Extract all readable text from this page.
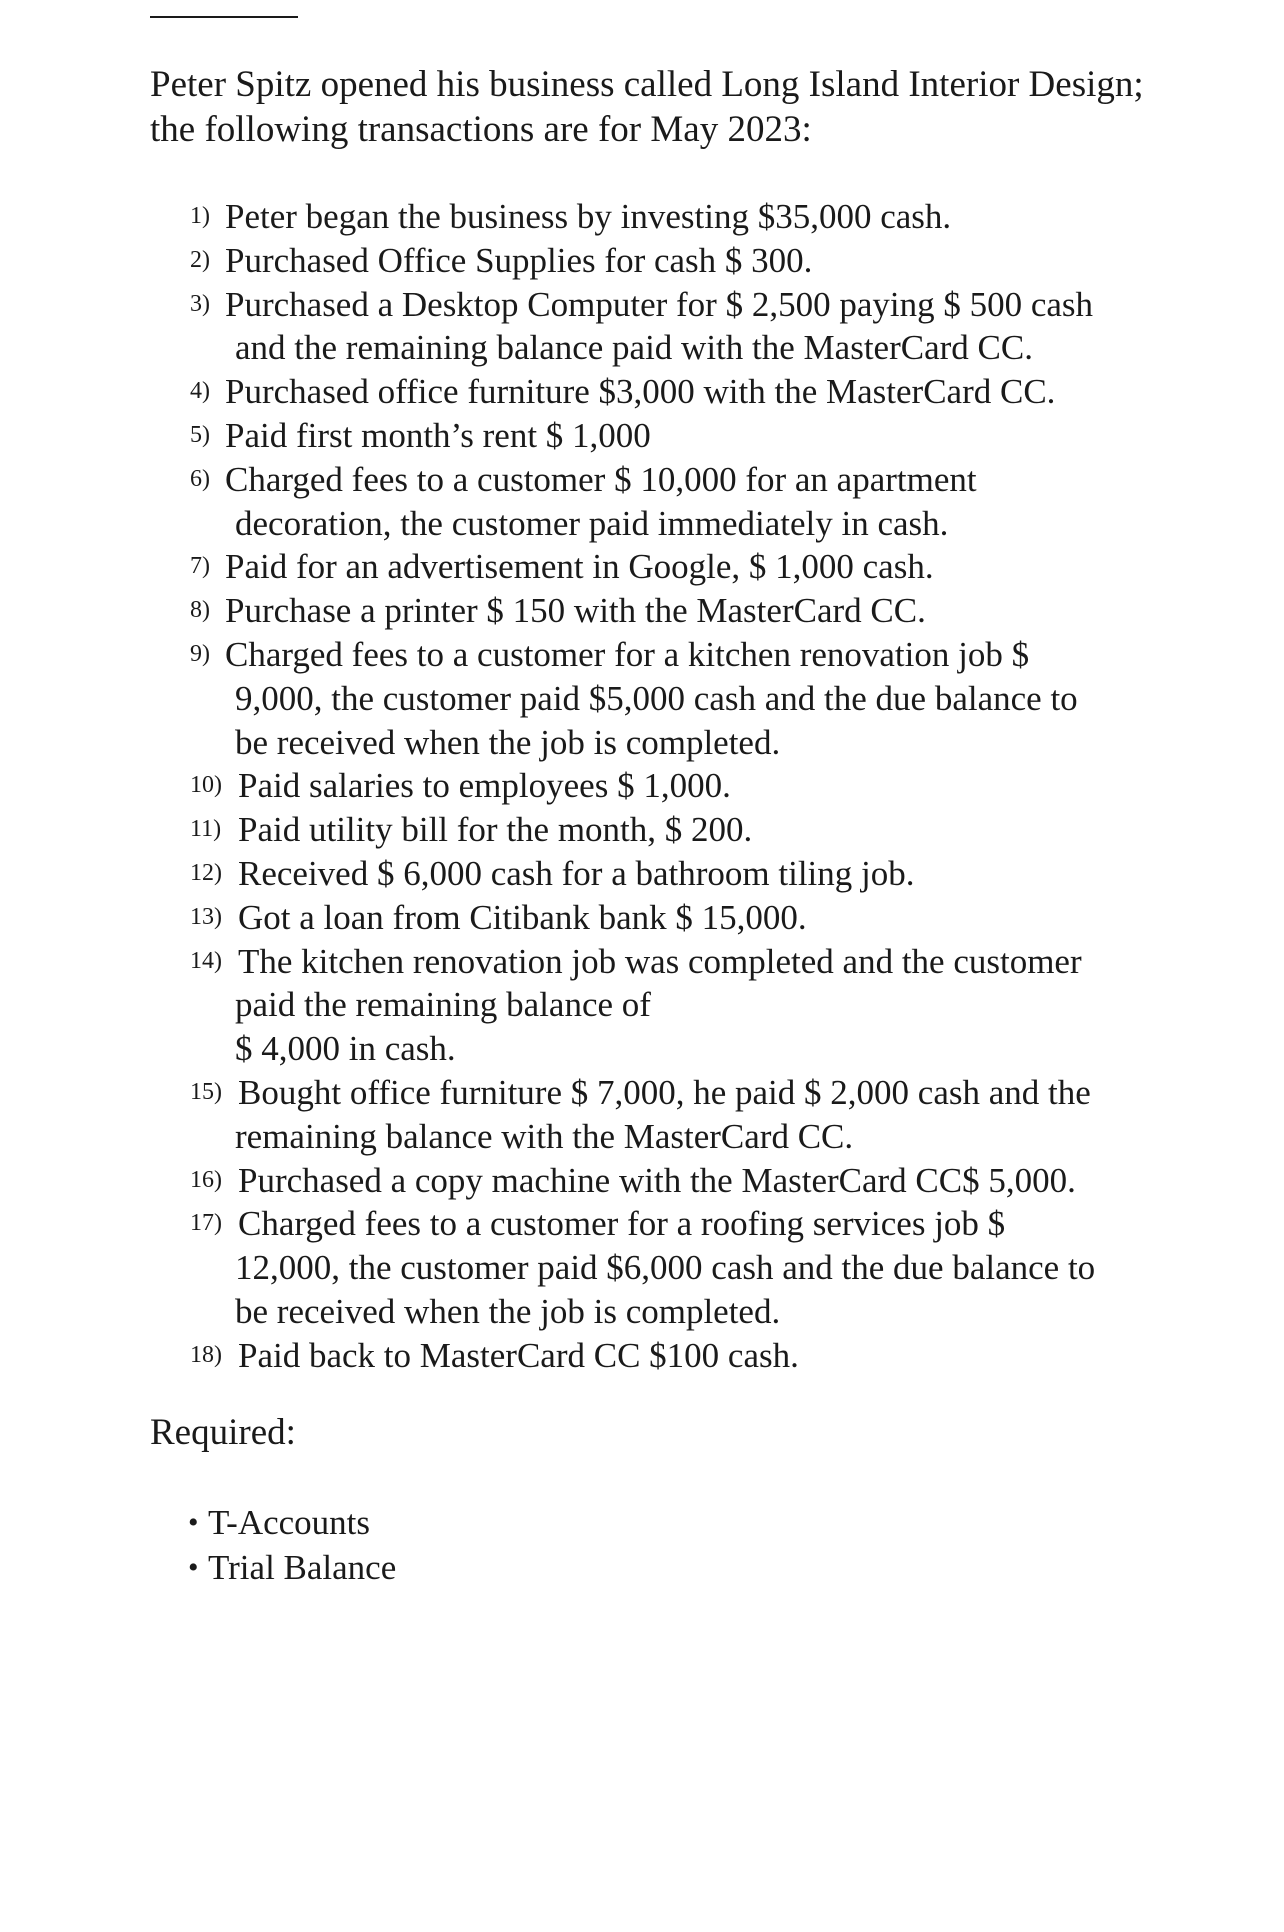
Peter Spitz opened his business called Long Island Interior Design;
the following transactions are for May 2023:

1) Peter began the business by investing $35,000 cash.
2) Purchased Office Supplies for cash $ 300.
3) Purchased a Desktop Computer for $ 2,500 paying $ 500 cash
and the remaining balance paid with the MasterCard CC.
4) Purchased office furniture $3,000 with the MasterCard CC.
5) Paid first month’s rent $ 1,000
6) Charged fees to a customer $ 10,000 for an apartment
decoration, the customer paid immediately in cash.
7) Paid for an advertisement in Google, $ 1,000 cash.
8) Purchase a printer $ 150 with the MasterCard CC.
9) Charged fees to a customer for a kitchen renovation job $
9,000, the customer paid $5,000 cash and the due balance to
be received when the job is completed.
10) Paid salaries to employees $ 1,000.
11) Paid utility bill for the month, $ 200.
12) Received $ 6,000 cash for a bathroom tiling job.
13) Got a loan from Citibank bank $ 15,000.
14) The kitchen renovation job was completed and the customer
paid the remaining balance of
$ 4,000 in cash.
15) Bought office furniture $ 7,000, he paid $ 2,000 cash and the
remaining balance with the MasterCard CC.
16) Purchased a copy machine with the MasterCard CC$ 5,000.
17) Charged fees to a customer for a roofing services job $
12,000, the customer paid $6,000 cash and the due balance to
be received when the job is completed.
18) Paid back to MasterCard CC $100 cash.

Required:

• T-Accounts
• Trial Balance
